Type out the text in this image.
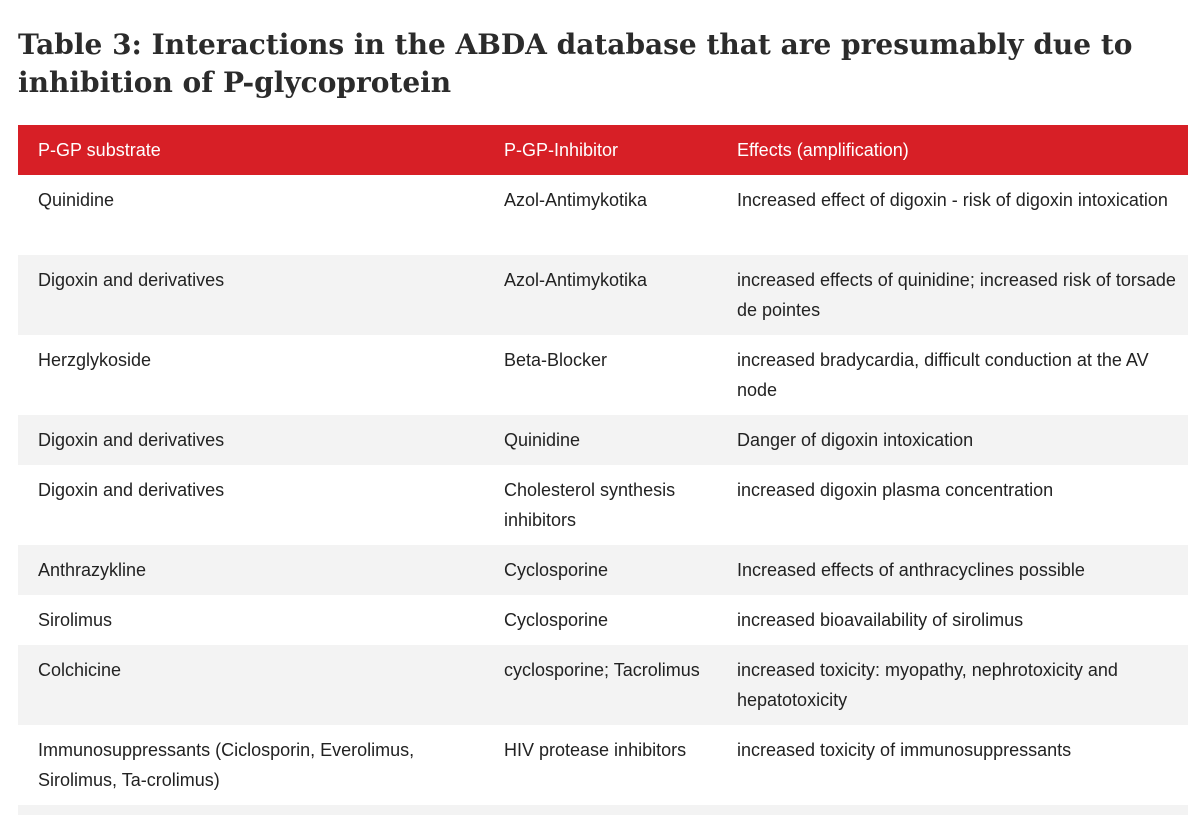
Table 3: Interactions in the ABDA database that are presumably due to inhibition of P-glycoprotein
P-GP substrate	P-GP-Inhibitor	Effects (amplification)
Quinidine	Azol-Antimykotika	Increased effect of digoxin - risk of digoxin intoxication
Digoxin and derivatives	Azol-Antimykotika	increased effects of quinidine; increased risk of torsade de pointes
Herzglykoside	Beta-Blocker	increased bradycardia, difficult conduction at the AV node
Digoxin and derivatives	Quinidine	Danger of digoxin intoxication
Digoxin and derivatives	Cholesterol synthesis inhibitors	increased digoxin plasma concentration
Anthrazykline	Cyclosporine	Increased effects of anthracyclines possible
Sirolimus	Cyclosporine	increased bioavailability of sirolimus
Colchicine	cyclosporine; Tacrolimus	increased toxicity: myopathy, nephrotoxicity and hepatotoxicity
Immunosuppressants (Ciclosporin, Everolimus, Sirolimus, Ta-crolimus)	HIV protease inhibitors	increased toxicity of immunosuppressants
